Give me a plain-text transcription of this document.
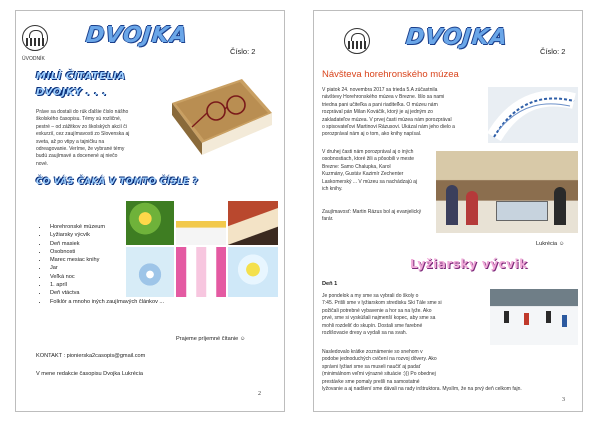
DVOJKA
Číslo: 2
ÚVODNÍK
MILÍ ČITATELIA
DVOJKY . . .
Práve sa dostali do rúk ďalšie číslo nášho
školského časopisu. Témy sú rozličné,
pestré – od zážitkov zo školských akcií či
exkurzií, cez zaujímavosti zo Slovenska aj
sveta, až po vtipy a tajničku na
odreagovanie. Veríme, že vybrané témy
budú zaujímavé a docenené aj niečo
nové.
ČO VÁS ČAKÁ V TOMTO ČÍSLE ?
• Horehronské múzeum
• Lyžiarsky výcvik
• Deň masiek
• Osobnosti
• Marec mesiac knihy
• Jar
• Veľká noc
• 1. apríl
• Deň vtáctva
• Folklór a mnoho iných zaujímavých článkov ...
Prajeme príjemné čítanie ☺
KONTAKT : pionierska2casopis@gmail.com
V mene redakcie časopisu Dvojka Lukrécia
2
DVOJKA
Číslo: 2
Návšteva horehronského múzea
V piatok 24. novembra 2017 sa trieda 5.A zúčastnila
návštevy Horehronského múzea v Brezne. Išlo sa nami
triedna pani učiteľka a pani riaditeľka. O múzeu nám
rozprával pán Milan Kováčik, ktorý je aj jedným zo
zakladateľov múzea. V prvej časti múzea nám porozprával
o spisovateľovi Martinovi Rázusovi. Ukázal nám jeho dielo a
porozprával nám aj o tom, ako knihy napísal.
V druhej časti nám porozprával aj o iných
osobnostiach, ktoré žili a pôsobili v meste
Brezne: Samo Chalupka, Karol
Kuzmány, Gustáv Kazimír Zechenter
Laskomerský ... V múzeu sa nachádzajú aj
ich knihy.
Zaujímavosť: Martin Rázus bol aj evanjelický farár.
Lukrécia ☺
Lyžiarsky výcvik
Deň 1
Je pondelok a my sme sa vybrali do školy o
7:45. Prišli sme v lyžiarskom stredisku Ski Tále sme si
požičali potrebné vybavenie a hor sa na lyže. Ako
prvé, sme si vyskúšali najmenší kopec, aby sme sa
mohli rozdeliť do skupín. Dostali sme farebné
rozlišovacie dresy a vydali sa na svah.
Nasledovalo krátke zoznámenie so snehom v
podobe jednoduchých cvičení na rozvoj dôvery. Ako
správni lyžiari sme sa museli naučiť aj padať
(minimálnom veľmi výrazné situácie :))) Po obednej
prestávke sme pomaly prešli na samostatné
lyžovanie a aj nadšení sme dávali na rady inštruktora. Myslím, že na prvý deň celkom fajn.
3
